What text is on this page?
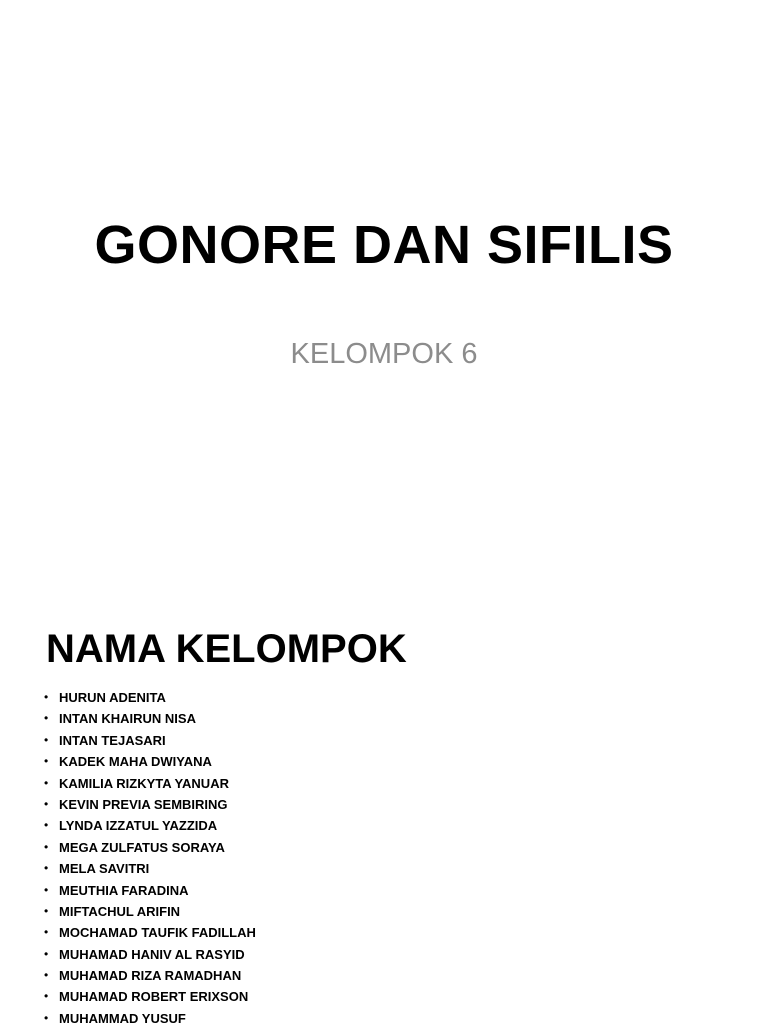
GONORE DAN SIFILIS
KELOMPOK 6
NAMA KELOMPOK
• HURUN ADENITA
• INTAN KHAIRUN NISA
• INTAN TEJASARI
• KADEK MAHA DWIYANA
• KAMILIA RIZKYTA YANUAR
• KEVIN PREVIA SEMBIRING
• LYNDA IZZATUL YAZZIDA
• MEGA ZULFATUS SORAYA
• MELA SAVITRI
• MEUTHIA FARADINA
• MIFTACHUL ARIFIN
• MOCHAMAD TAUFIK FADILLAH
• MUHAMAD HANIV AL RASYID
• MUHAMAD RIZA RAMADHAN
• MUHAMAD ROBERT ERIXSON
• MUHAMMAD YUSUF
